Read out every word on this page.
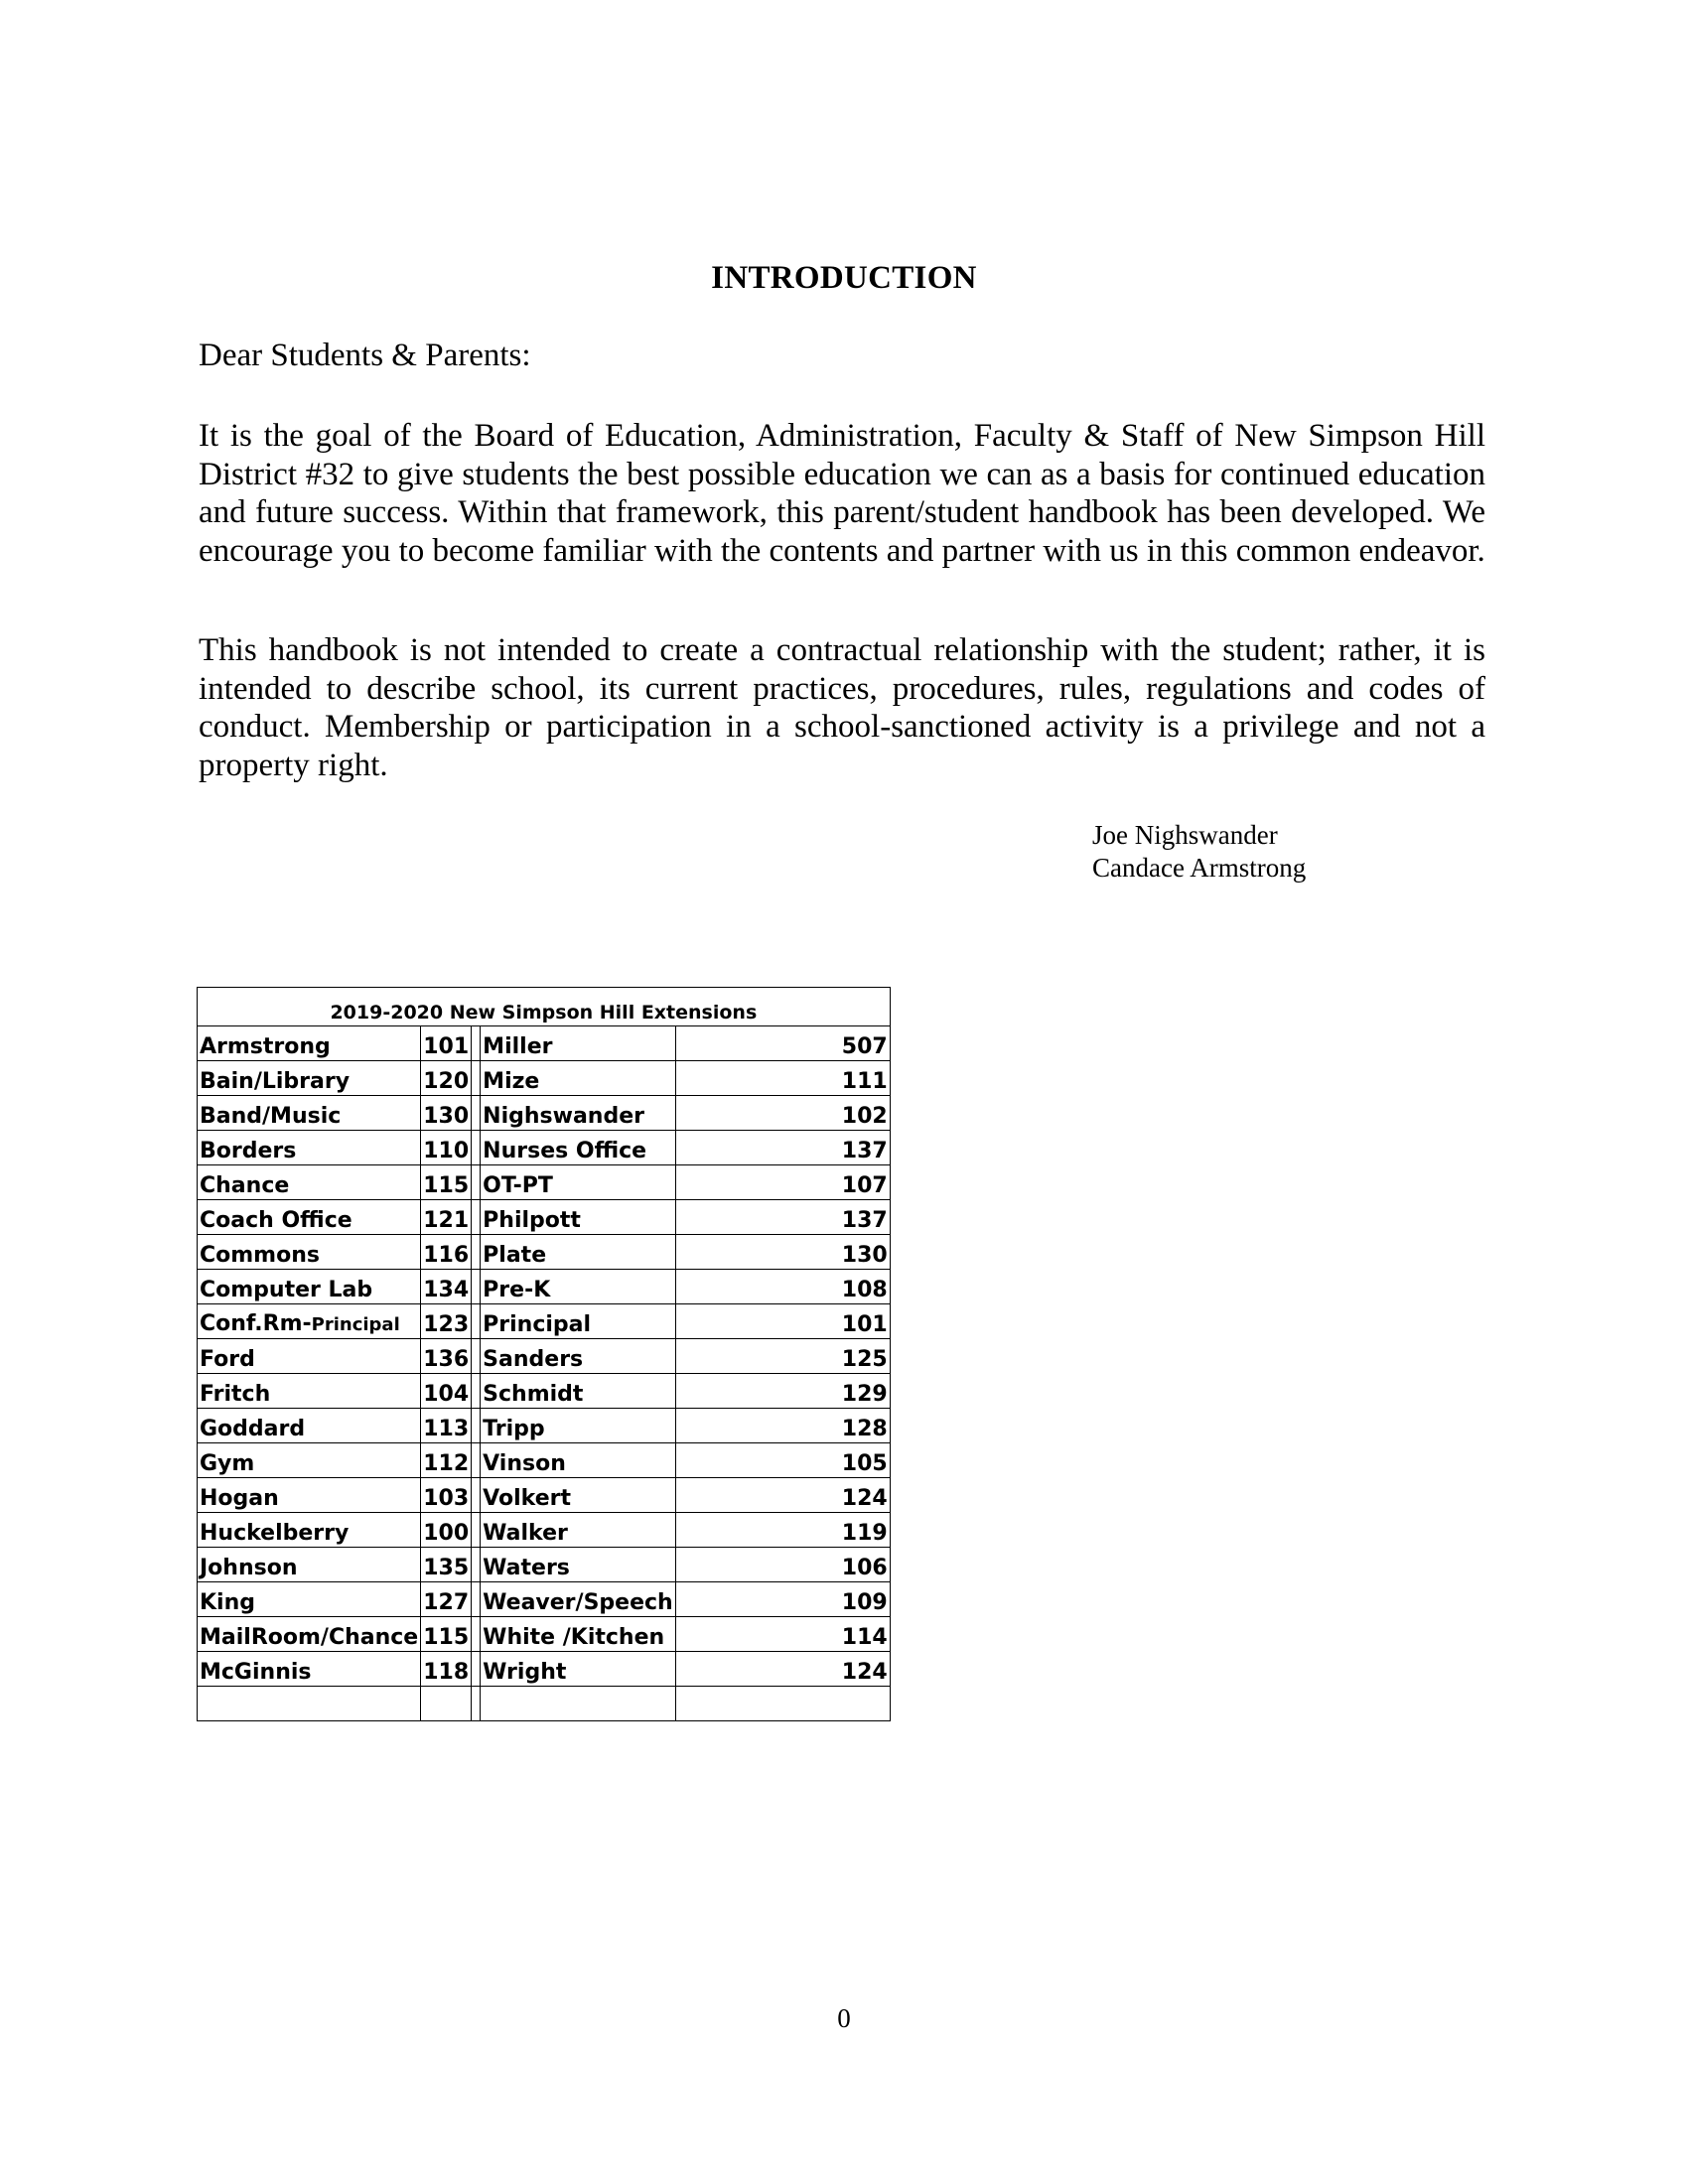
INTRODUCTION
Dear Students & Parents:

It is the goal of the Board of Education, Administration, Faculty & Staff of New Simpson Hill District #32 to give students the best possible education we can as a basis for continued education and future success. Within that framework, this parent/student handbook has been developed. We encourage you to become familiar with the contents and partner with us in this common endeavor.

This handbook is not intended to create a contractual relationship with the student; rather, it is intended to describe school, its current practices, procedures, rules, regulations and codes of conduct. Membership or participation in a school-sanctioned activity is a privilege and not a property right.

Joe Nighswander
Candace Armstrong
2019-2020 New Simpson Hill Extensions				
Armstrong	101		Miller	507
Bain/Library	120		Mize	111
Band/Music	130		Nighswander	102
Borders	110		Nurses Office	137
Chance	115		OT-PT	107
Coach Office	121		Philpott	137
Commons	116		Plate	130
Computer Lab	134		Pre-K	108
Conf.Rm-Principal	123		Principal	101
Ford	136		Sanders	125
Fritch	104		Schmidt	129
Goddard	113		Tripp	128
Gym	112		Vinson	105
Hogan	103		Volkert	124
Huckelberry	100		Walker	119
Johnson	135		Waters	106
King	127		Weaver/Speech	109
MailRoom/Chance	115		White /Kitchen	114
McGinnis	118		Wright	124

0
